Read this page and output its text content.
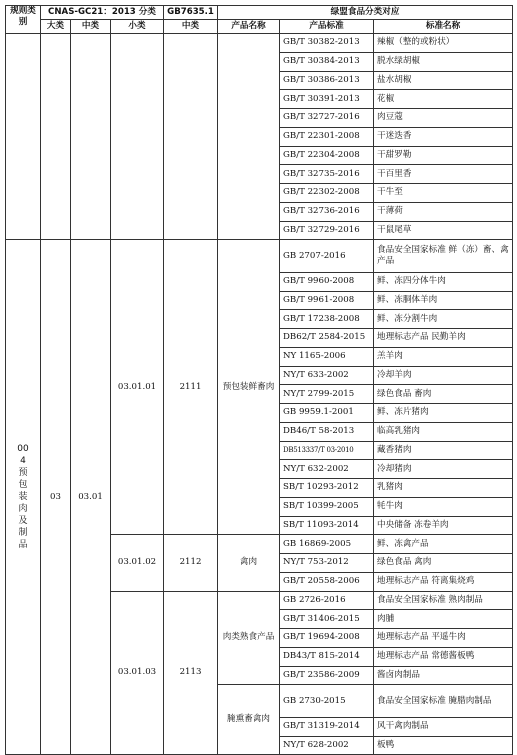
规则类别	CNAS-GC21：2013 分类			GB7635.1	绿盟食品分类对应		
	大类	中类	小类	中类	产品名称	产品标准	标准名称
						GB/T 30382-2013	辣椒（整的或粉状）
						GB/T 30384-2013	脱水绿胡椒
						GB/T 30386-2013	盐水胡椒
						GB/T 30391-2013	花椒
						GB/T 32727-2016	肉豆蔻
						GB/T 22301-2008	干迷迭香
						GB/T 22304-2008	干甜罗勒
						GB/T 32735-2016	干百里香
						GB/T 22302-2008	干牛至
						GB/T 32736-2016	干薄荷
						GB/T 32729-2016	干鼠尾草
004预包装肉及制品	03	03.01	03.01.01	2111	预包装鲜畜肉	GB 2707-2016	食品安全国家标准 鲜（冻）畜、禽产品
						GB/T 9960-2008	鲜、冻四分体牛肉
						GB/T 9961-2008	鲜、冻胴体羊肉
						GB/T 17238-2008	鲜、冻分割牛肉
						DB62/T 2584-2015	地理标志产品 民勤羊肉
						NY 1165-2006	羔羊肉
						NY/T 633-2002	冷却羊肉
						NY/T 2799-2015	绿色食品 畜肉
						GB 9959.1-2001	鲜、冻片猪肉
						DB46/T 58-2013	临高乳猪肉
						DB513337/T 03-2010	藏香猪肉
						NY/T 632-2002	冷却猪肉
						SB/T 10293-2012	乳猪肉
						SB/T 10399-2005	牦牛肉
						SB/T 11093-2014	中央储备 冻卷羊肉
			03.01.02	2112	禽肉	GB 16869-2005	鲜、冻禽产品
						NY/T 753-2012	绿色食品 禽肉
						GB/T 20558-2006	地理标志产品 符离集烧鸡
			03.01.03	2113	肉类熟食产品	GB 2726-2016	食品安全国家标准 熟肉制品
						GB/T 31406-2015	肉脯
						GB/T 19694-2008	地理标志产品 平遥牛肉
						DB43/T 815-2014	地理标志产品 常德酱板鸭
						GB/T 23586-2009	酱卤肉制品
					腌熏畜禽肉	GB 2730-2015	食品安全国家标准 腌腊肉制品
						GB/T 31319-2014	风干禽肉制品
						NY/T 628-2002	板鸭
